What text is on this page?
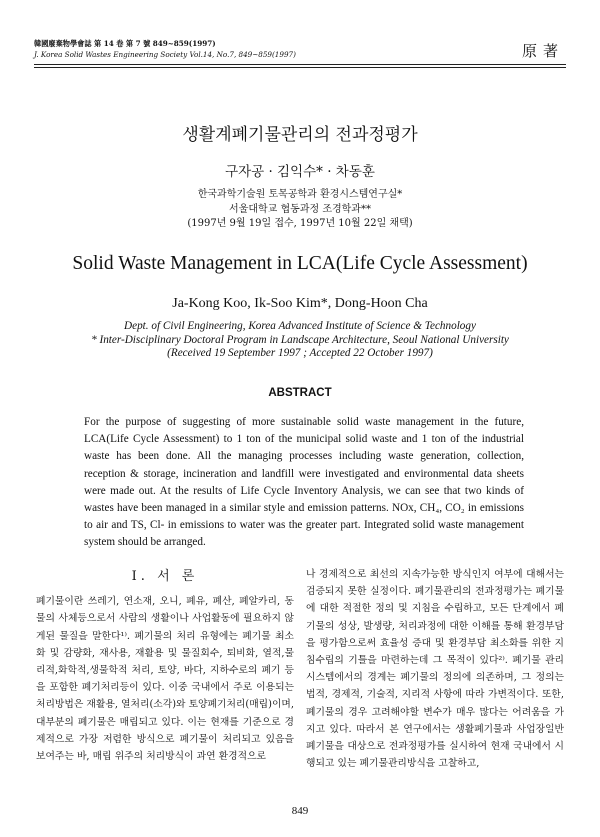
韓國廢棄物學會誌 第 14 卷 第 7 號 849~859(1997)
J. Korea Solid Wastes Engineering Society Vol.14, No.7, 849~859(1997)	原著
생활계폐기물관리의 전과정평가
구자공 · 김익수* · 차동훈
한국과학기술원 토목공학과 환경시스템연구실*
서울대학교 협동과정 조경학과**
(1997년 9월 19일 접수, 1997년 10월 22일 채택)
Solid Waste Management in LCA(Life Cycle Assessment)
Ja-Kong Koo, Ik-Soo Kim*, Dong-Hoon Cha
Dept. of Civil Engineering, Korea Advanced Institute of Science & Technology
* Inter-Disciplinary Doctoral Program in Landscape Architecture, Seoul National University
(Received 19 September 1997 ; Accepted 22 October 1997)
ABSTRACT

For the purpose of suggesting of more sustainable solid waste management in the future, LCA(Life Cycle Assessment) to 1 ton of the municipal solid waste and 1 ton of the industrial waste has been done. All the managing processes including waste generation, collection, reception & storage, incineration and landfill were investigated and environmental data sheets were made out. At the results of Life Cycle Inventory Analysis, we can see that two kinds of wastes have been managed in a similar style and emission patterns. NOx, CH₄, CO₂ in emissions to air and TS, Cl- in emissions to water was the greater part. Integrated solid waste management system should be arranged.

Ⅰ. 서 론

폐기물이란 쓰레기, 연소재, 오니, 폐유, 폐산, 폐알카리, 동물의 사체등으로서 사람의 생활이나 사업활동에 필요하지 않게된 물질을 말한다¹⁾. 폐기물의 처리 유형에는 폐기물 최소화 및 감량화, 재사용, 재활용 및 물질회수, 퇴비화, 열적,물리적,화학적,생물학적 처리, 토양, 바다, 지하수로의 폐기 등을 포함한 폐기처리등이 있다. 이중 국내에서 주로 이용되는 처리방법은 재활용, 열처리(소각)와 토양폐기처리(매립)이며, 대부분의 폐기물은 매립되고 있다. 이는 현재를 기준으로 경제적으로 가장 저렴한 방식으로 폐기물이 처리되고 있음을 보여주는 바, 매립 위주의 처리방식이 과연 환경적으로

나 경제적으로 최선의 지속가능한 방식인지 여부에 대해서는 검증되지 못한 실정이다. 폐기물관리의 전과정평가는 폐기물에 대한 적절한 정의 및 지침을 수립하고, 모든 단계에서 폐기물의 성상, 발생량, 처리과정에 대한 이해를 통해 환경부담을 평가함으로써 효율성 증대 및 환경부담 최소화를 위한 지침수립의 기틀을 마련하는데 그 목적이 있다²⁾. 폐기물 관리시스템에서의 경계는 폐기물의 정의에 의존하며, 그 정의는 법적, 경제적, 기술적, 지리적 사항에 따라 가변적이다. 또한, 폐기물의 경우 고려해야할 변수가 매우 많다는 어려움을 가지고 있다. 따라서 본 연구에서는 생활폐기물과 사업장일반폐기물을 대상으로 전과정평가를 실시하여 현재 국내에서 시행되고 있는 폐기물관리방식을 고찰하고,

849
